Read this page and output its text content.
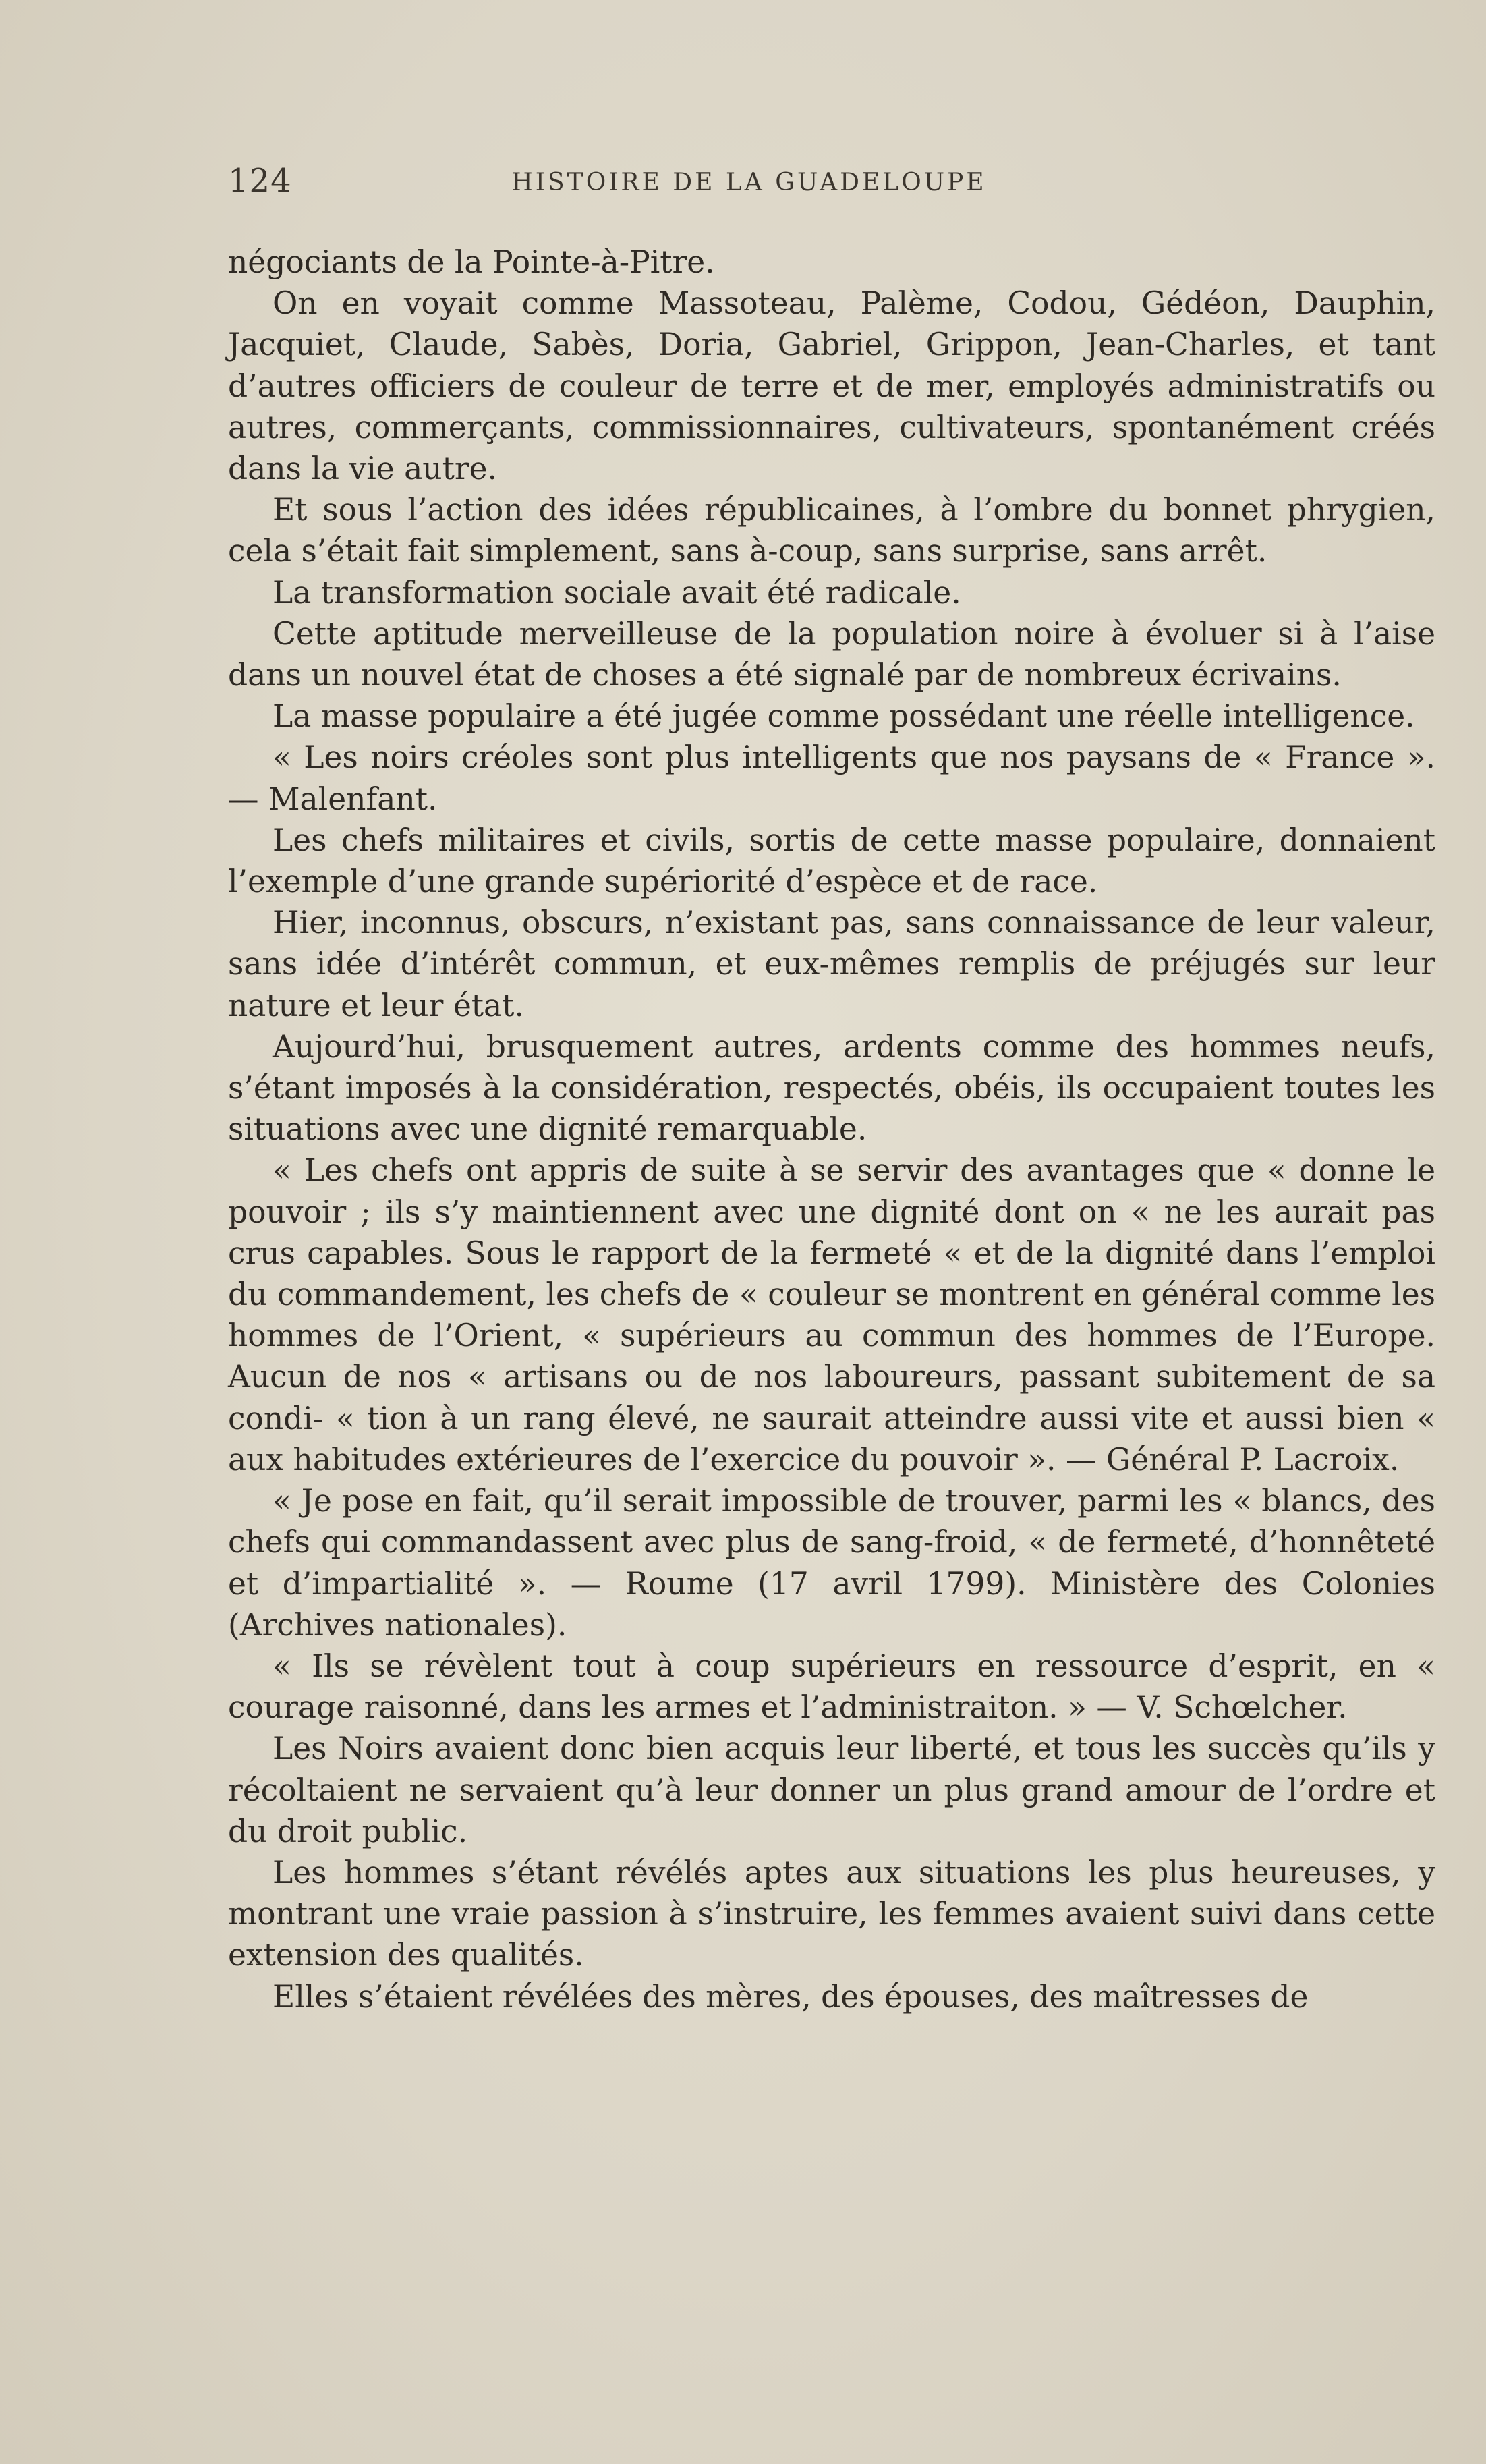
124	HISTOIRE DE LA GUADELOUPE

négociants de la Pointe-à-Pitre.

On en voyait comme Massoteau, Palème, Codou, Gédéon, Dauphin, Jacquiet, Claude, Sabès, Doria, Gabriel, Grippon, Jean-Charles, et tant d’autres officiers de couleur de terre et de mer, employés administratifs ou autres, commerçants, commissionnaires, cultivateurs, spontanément créés dans la vie autre.

Et sous l’action des idées républicaines, à l’ombre du bonnet phrygien, cela s’était fait simplement, sans à-coup, sans surprise, sans arrêt.

La transformation sociale avait été radicale.

Cette aptitude merveilleuse de la population noire à évoluer si à l’aise dans un nouvel état de choses a été signalé par de nombreux écrivains.

La masse populaire a été jugée comme possédant une réelle intelligence.

« Les noirs créoles sont plus intelligents que nos paysans de « France ». — Malenfant.

Les chefs militaires et civils, sortis de cette masse populaire, donnaient l’exemple d’une grande supériorité d’espèce et de race.

Hier, inconnus, obscurs, n’existant pas, sans connaissance de leur valeur, sans idée d’intérêt commun, et eux-mêmes remplis de préjugés sur leur nature et leur état.

Aujourd’hui, brusquement autres, ardents comme des hommes neufs, s’étant imposés à la considération, respectés, obéis, ils occupaient toutes les situations avec une dignité remarquable.

« Les chefs ont appris de suite à se servir des avantages que « donne le pouvoir ; ils s’y maintiennent avec une dignité dont on « ne les aurait pas crus capables. Sous le rapport de la fermeté « et de la dignité dans l’emploi du commandement, les chefs de « couleur se montrent en général comme les hommes de l’Orient, « supérieurs au commun des hommes de l’Europe. Aucun de nos « artisans ou de nos laboureurs, passant subitement de sa condi- « tion à un rang élevé, ne saurait atteindre aussi vite et aussi bien « aux habitudes extérieures de l’exercice du pouvoir ». — Général P. Lacroix.

« Je pose en fait, qu’il serait impossible de trouver, parmi les « blancs, des chefs qui commandassent avec plus de sang-froid, « de fermeté, d’honnêteté et d’impartialité ». — Roume (17 avril 1799). Ministère des Colonies (Archives nationales).

« Ils se révèlent tout à coup supérieurs en ressource d’esprit, en « courage raisonné, dans les armes et l’administraiton. » — V. Schœlcher.

Les Noirs avaient donc bien acquis leur liberté, et tous les succès qu’ils y récoltaient ne servaient qu’à leur donner un plus grand amour de l’ordre et du droit public.

Les hommes s’étant révélés aptes aux situations les plus heureuses, y montrant une vraie passion à s’instruire, les femmes avaient suivi dans cette extension des qualités.

Elles s’étaient révélées des mères, des épouses, des maîtresses de
